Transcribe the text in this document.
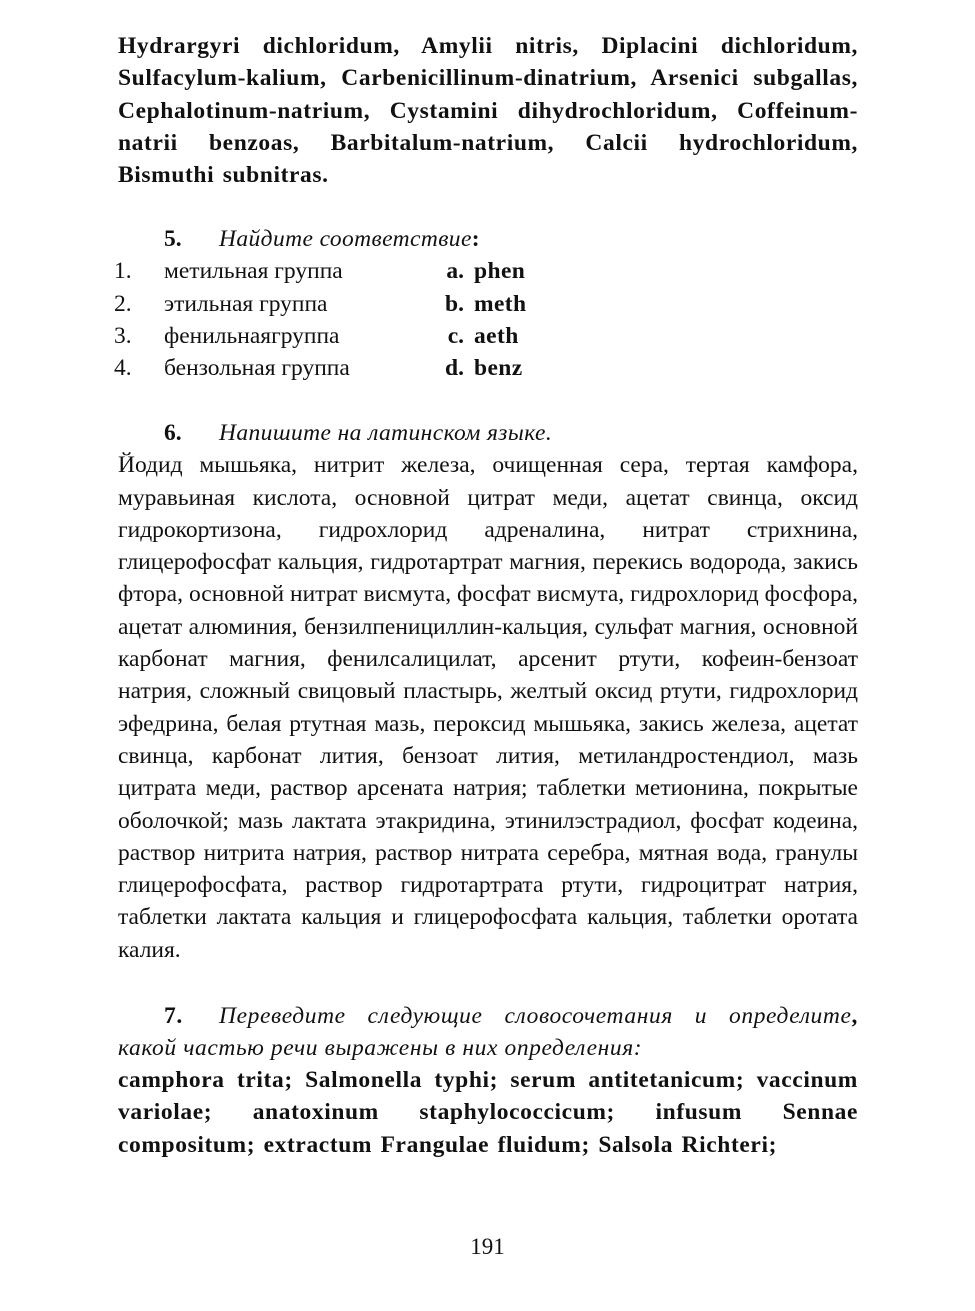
Hydrargyri dichloridum, Amylii nitris, Diplacini dichloridum, Sulfacylum-kalium, Carbenicillinum-dinatrium, Arsenici subgallas, Cephalotinum-natrium, Cystamini dihydrochloridum, Coffeinum-natrii benzoas, Barbitalum-natrium, Calcii hydrochloridum, Bismuthi subnitras.

5.	Найдите соответствие :
1.	метильная группа	a. phen
2.	этильная группа	b. meth
3.	фенильнаягруппа	c. aeth
4.	бензольная группа	d. benz
6.	Напишите на латинском языке.

Йодид мышьяка, нитрит железа, очищенная сера, тертая камфора, муравьиная кислота, основной цитрат меди, ацетат свинца, оксид гидрокортизона, гидрохлорид адреналина, нитрат стрихнина, глицерофосфат кальция, гидротартрат магния, перекись водорода, закись фтора, основной нитрат висмута, фосфат висмута, гидрохлорид фосфора, ацетат алюминия, бензилпенициллин-кальция, сульфат магния, основной карбонат магния, фенилсалицилат, арсенит ртути, кофеин-бензоат натрия, сложный свицовый пластырь, желтый оксид ртути, гидрохлорид эфедрина, белая ртутная мазь, пероксид мышьяка, закись железа, ацетат свинца, карбонат лития, бензоат лития, метиландростендиол, мазь цитрата меди, раствор арсената натрия; таблетки метионина, покрытые оболочкой; мазь лактата этакридина, этинилэстрадиол, фосфат кодеина, раствор нитрита натрия, раствор нитрата серебра, мятная вода, гранулы глицерофосфата, раствор гидротартрата ртути, гидроцитрат натрия, таблетки лактата кальция и глицерофосфата кальция, таблетки оротата калия.

7. Переведите следующие словосочетания и определите, какой частью речи выражены в них определения:

camphora trita; Salmonella typhi; serum antitetanicum; vaccinum variolae; anatoxinum staphylococcicum; infusum Sennae compositum; extractum Frangulae fluidum; Salsola Richteri;

191
